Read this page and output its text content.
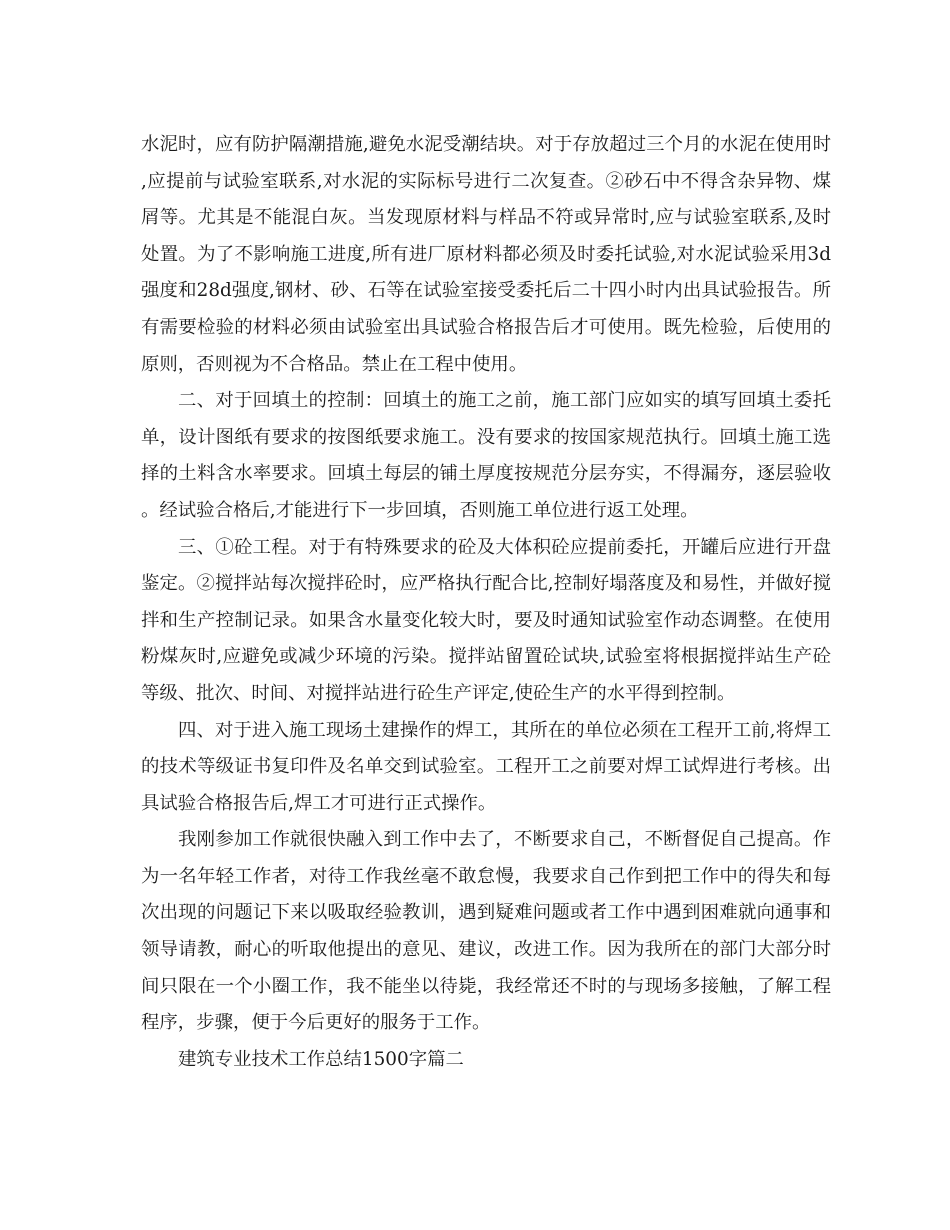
水泥时，应有防护隔潮措施,避免水泥受潮结块。对于存放超过三个月的水泥在使用时,应提前与试验室联系,对水泥的实际标号进行二次复查。②砂石中不得含杂异物、煤屑等。尤其是不能混白灰。当发现原材料与样品不符或异常时,应与试验室联系,及时处置。为了不影响施工进度,所有进厂原材料都必须及时委托试验,对水泥试验采用3d强度和28d强度,钢材、砂、石等在试验室接受委托后二十四小时内出具试验报告。所有需要检验的材料必须由试验室出具试验合格报告后才可使用。既先检验，后使用的原则，否则视为不合格品。禁止在工程中使用。

二、对于回填土的控制：回填土的施工之前，施工部门应如实的填写回填土委托单，设计图纸有要求的按图纸要求施工。没有要求的按国家规范执行。回填土施工选择的土料含水率要求。回填土每层的铺土厚度按规范分层夯实，不得漏夯，逐层验收。经试验合格后,才能进行下一步回填，否则施工单位进行返工处理。

三、①砼工程。对于有特殊要求的砼及大体积砼应提前委托，开罐后应进行开盘鉴定。②搅拌站每次搅拌砼时，应严格执行配合比,控制好塌落度及和易性，并做好搅拌和生产控制记录。如果含水量变化较大时，要及时通知试验室作动态调整。在使用粉煤灰时,应避免或减少环境的污染。搅拌站留置砼试块,试验室将根据搅拌站生产砼等级、批次、时间、对搅拌站进行砼生产评定,使砼生产的水平得到控制。

四、对于进入施工现场土建操作的焊工，其所在的单位必须在工程开工前,将焊工的技术等级证书复印件及名单交到试验室。工程开工之前要对焊工试焊进行考核。出具试验合格报告后,焊工才可进行正式操作。

我刚参加工作就很快融入到工作中去了，不断要求自己，不断督促自己提高。作为一名年轻工作者，对待工作我丝毫不敢怠慢，我要求自己作到把工作中的得失和每次出现的问题记下来以吸取经验教训，遇到疑难问题或者工作中遇到困难就向通事和领导请教，耐心的听取他提出的意见、建议，改进工作。因为我所在的部门大部分时间只限在一个小圈工作，我不能坐以待毙，我经常还不时的与现场多接触，了解工程程序，步骤，便于今后更好的服务于工作。

建筑专业技术工作总结1500字篇二
